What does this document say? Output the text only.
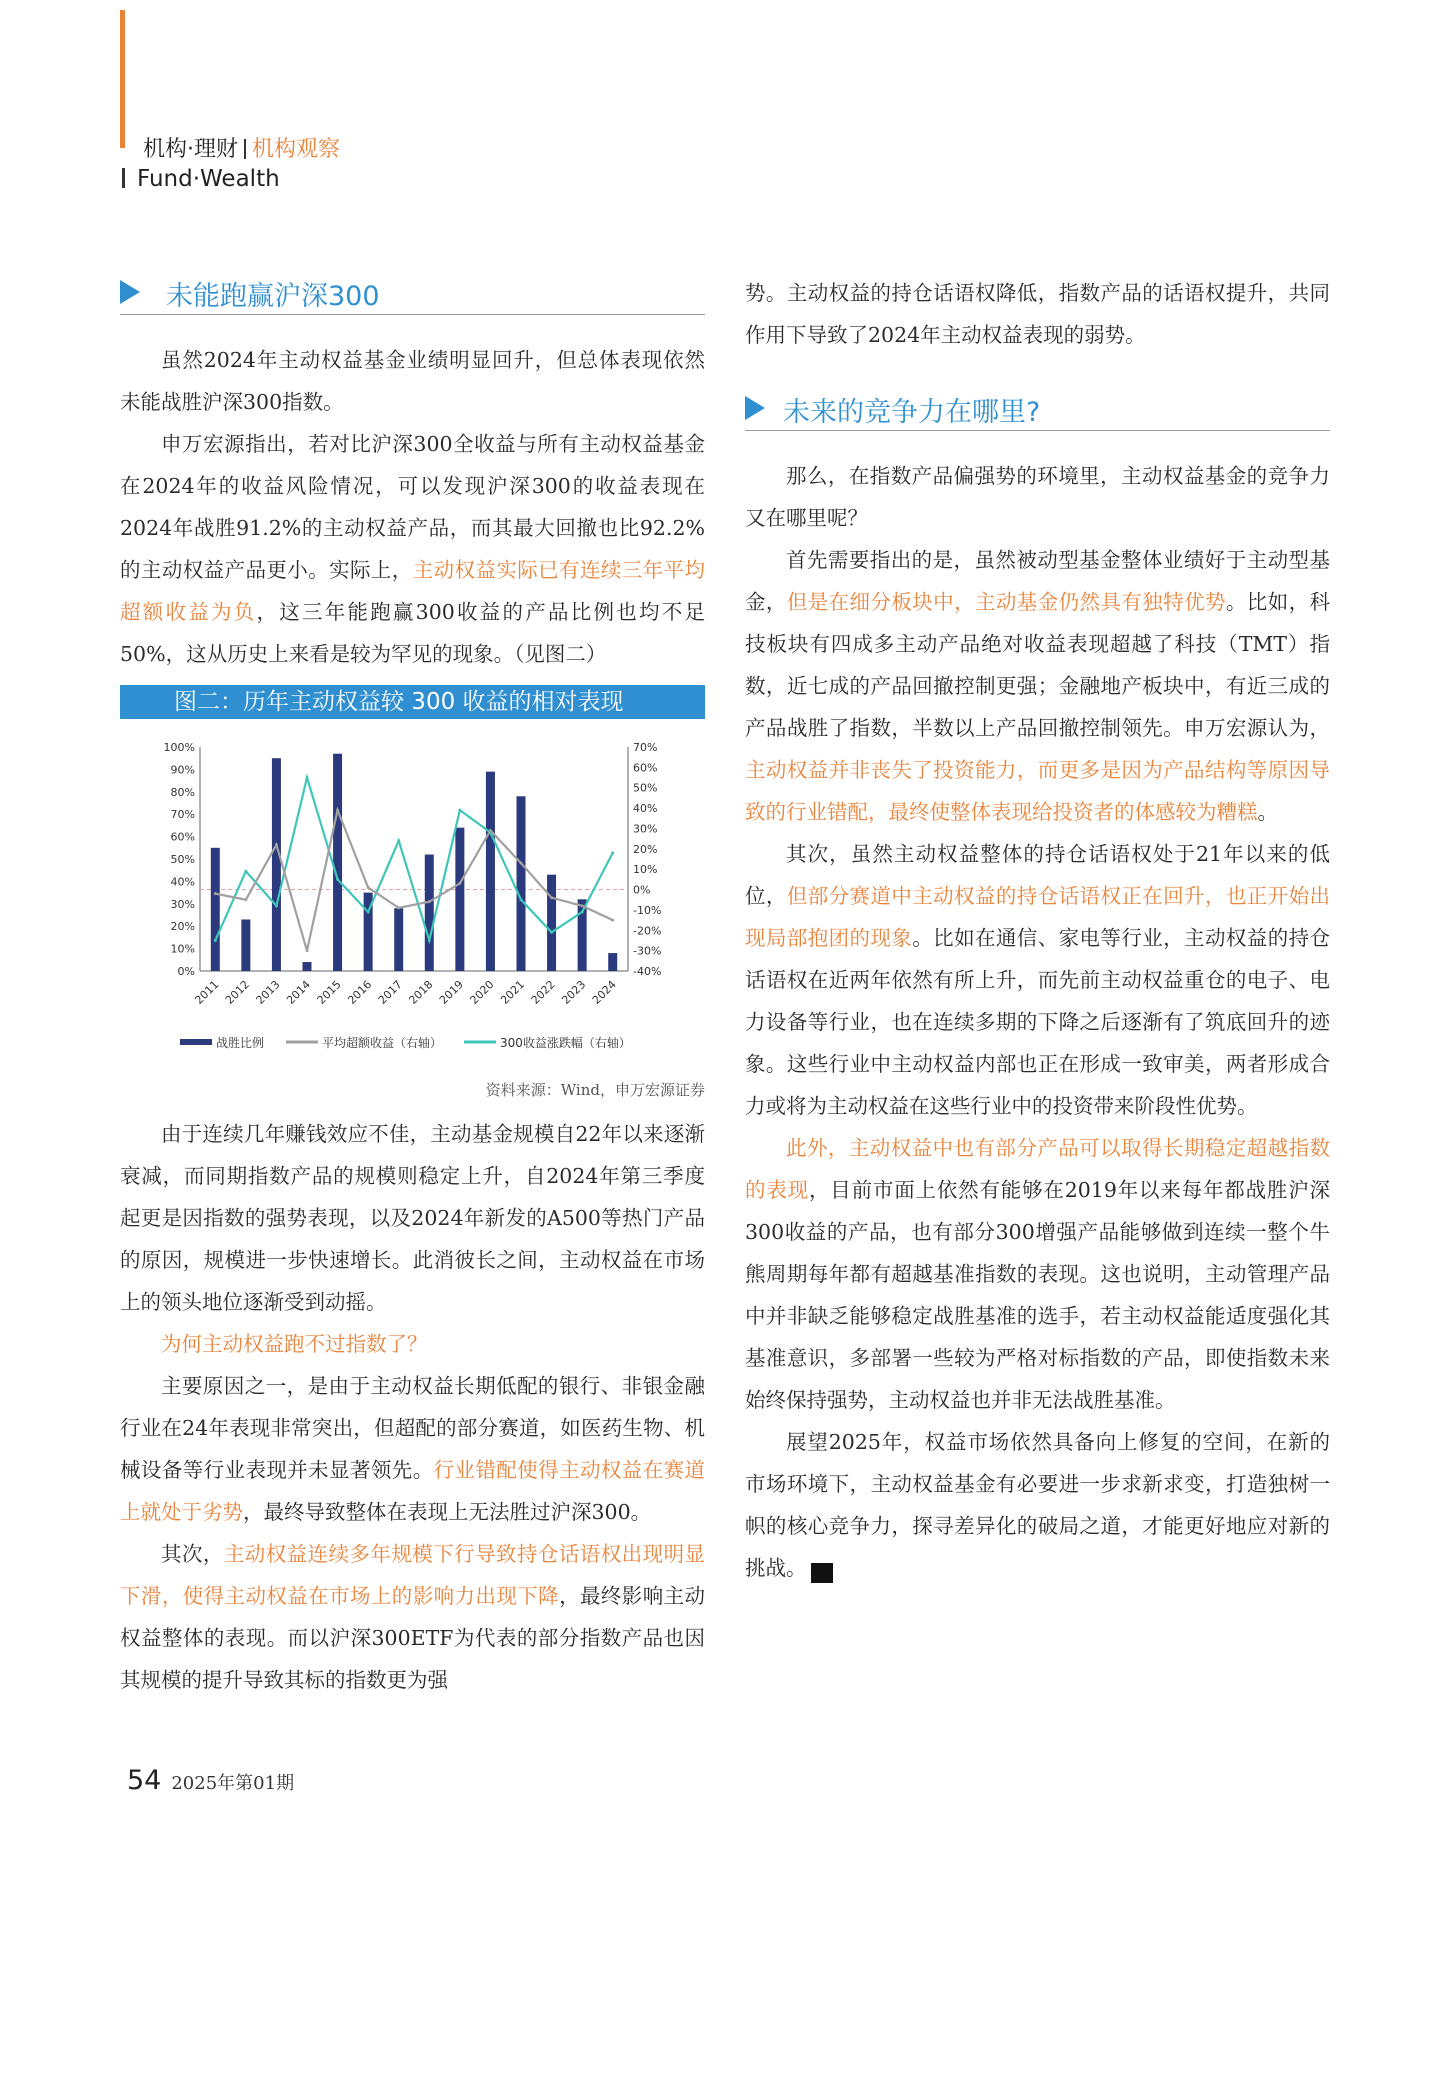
机构·理财 机构观察
Fund·Wealth
未能跑赢沪深300

虽然2024年主动权益基金业绩明显回升，但总体表现依然未能战胜沪深300指数。

申万宏源指出，若对比沪深300全收益与所有主动权益基金在2024年的收益风险情况，可以发现沪深300的收益表现在2024年战胜91.2%的主动权益产品，而其最大回撤也比92.2%的主动权益产品更小。实际上，主动权益实际已有连续三年平均超额收益为负，这三年能跑赢300收益的产品比例也均不足50%，这从历史上来看是较为罕见的现象。（见图二）

图二：历年主动权益较 300 收益的相对表现
0%
10%
20%
30%
40%
50%
60%
70%
80%
90%
100%
-40%
-30%
-20%
-10%
0%
10%
20%
30%
40%
50%
60%
70%
2011 2012 2013 2014 2015 2016 2017 2018 2019 2020 2021 2022 2023 2024
战胜比例	平均超额收益（右轴）	300收益涨跌幅（右轴）
资料来源：Wind，申万宏源证券

由于连续几年赚钱效应不佳，主动基金规模自22年以来逐渐衰减，而同期指数产品的规模则稳定上升，自2024年第三季度起更是因指数的强势表现，以及2024年新发的A500等热门产品的原因，规模进一步快速增长。此消彼长之间，主动权益在市场上的领头地位逐渐受到动摇。

为何主动权益跑不过指数了？

主要原因之一，是由于主动权益长期低配的银行、非银金融行业在24年表现非常突出，但超配的部分赛道，如医药生物、机械设备等行业表现并未显著领先。行业错配使得主动权益在赛道上就处于劣势，最终导致整体在表现上无法胜过沪深300。

其次，主动权益连续多年规模下行导致持仓话语权出现明显下滑，使得主动权益在市场上的影响力出现下降，最终影响主动权益整体的表现。而以沪深300ETF为代表的部分指数产品也因其规模的提升导致其标的指数更为强

势。主动权益的持仓话语权降低，指数产品的话语权提升，共同作用下导致了2024年主动权益表现的弱势。

未来的竞争力在哪里?

那么，在指数产品偏强势的环境里，主动权益基金的竞争力又在哪里呢？

首先需要指出的是，虽然被动型基金整体业绩好于主动型基金，但是在细分板块中，主动基金仍然具有独特优势。比如，科技板块有四成多主动产品绝对收益表现超越了科技（TMT）指数，近七成的产品回撤控制更强；金融地产板块中，有近三成的产品战胜了指数，半数以上产品回撤控制领先。申万宏源认为，主动权益并非丧失了投资能力，而更多是因为产品结构等原因导致的行业错配，最终使整体表现给投资者的体感较为糟糕。

其次，虽然主动权益整体的持仓话语权处于21年以来的低位，但部分赛道中主动权益的持仓话语权正在回升，也正开始出现局部抱团的现象。比如在通信、家电等行业，主动权益的持仓话语权在近两年依然有所上升，而先前主动权益重仓的电子、电力设备等行业，也在连续多期的下降之后逐渐有了筑底回升的迹象。这些行业中主动权益内部也正在形成一致审美，两者形成合力或将为主动权益在这些行业中的投资带来阶段性优势。

此外，主动权益中也有部分产品可以取得长期稳定超越指数的表现，目前市面上依然有能够在2019年以来每年都战胜沪深300收益的产品，也有部分300增强产品能够做到连续一整个牛熊周期每年都有超越基准指数的表现。这也说明，主动管理产品中并非缺乏能够稳定战胜基准的选手，若主动权益能适度强化其基准意识，多部署一些较为严格对标指数的产品，即使指数未来始终保持强势，主动权益也并非无法战胜基准。

展望2025年，权益市场依然具备向上修复的空间，在新的市场环境下，主动权益基金有必要进一步求新求变，打造独树一帜的核心竞争力，探寻差异化的破局之道，才能更好地应对新的挑战。	A

54 2025年第01期
